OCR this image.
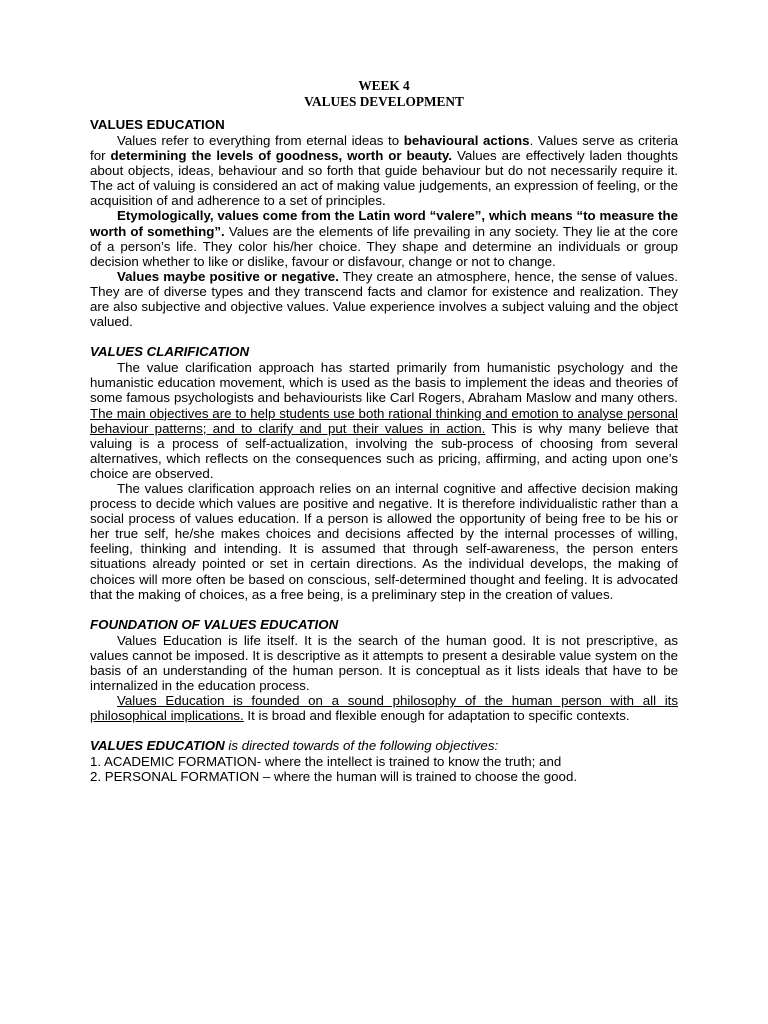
WEEK 4
VALUES DEVELOPMENT
VALUES EDUCATION

Values refer to everything from eternal ideas to behavioural actions. Values serve as criteria for determining the levels of goodness, worth or beauty. Values are effectively laden thoughts about objects, ideas, behaviour and so forth that guide behaviour but do not necessarily require it. The act of valuing is considered an act of making value judgements, an expression of feeling, or the acquisition of and adherence to a set of principles.

Etymologically, values come from the Latin word “valere”, which means “to measure the worth of something”. Values are the elements of life prevailing in any society. They lie at the core of a person’s life. They color his/her choice. They shape and determine an individuals or group decision whether to like or dislike, favour or disfavour, change or not to change.

Values maybe positive or negative. They create an atmosphere, hence, the sense of values. They are of diverse types and they transcend facts and clamor for existence and realization. They are also subjective and objective values. Value experience involves a subject valuing and the object valued.

VALUES CLARIFICATION

The value clarification approach has started primarily from humanistic psychology and the humanistic education movement, which is used as the basis to implement the ideas and theories of some famous psychologists and behaviourists like Carl Rogers, Abraham Maslow and many others. The main objectives are to help students use both rational thinking and emotion to analyse personal behaviour patterns; and to clarify and put their values in action. This is why many believe that valuing is a process of self-actualization, involving the sub-process of choosing from several alternatives, which reflects on the consequences such as pricing, affirming, and acting upon one’s choice are observed.

The values clarification approach relies on an internal cognitive and affective decision making process to decide which values are positive and negative. It is therefore individualistic rather than a social process of values education. If a person is allowed the opportunity of being free to be his or her true self, he/she makes choices and decisions affected by the internal processes of willing, feeling, thinking and intending. It is assumed that through self-awareness, the person enters situations already pointed or set in certain directions. As the individual develops, the making of choices will more often be based on conscious, self-determined thought and feeling. It is advocated that the making of choices, as a free being, is a preliminary step in the creation of values.

FOUNDATION OF VALUES EDUCATION

Values Education is life itself. It is the search of the human good. It is not prescriptive, as values cannot be imposed. It is descriptive as it attempts to present a desirable value system on the basis of an understanding of the human person. It is conceptual as it lists ideals that have to be internalized in the education process.

Values Education is founded on a sound philosophy of the human person with all its philosophical implications. It is broad and flexible enough for adaptation to specific contexts.

VALUES EDUCATION is directed towards of the following objectives:
1. ACADEMIC FORMATION- where the intellect is trained to know the truth; and
2. PERSONAL FORMATION – where the human will is trained to choose the good.
